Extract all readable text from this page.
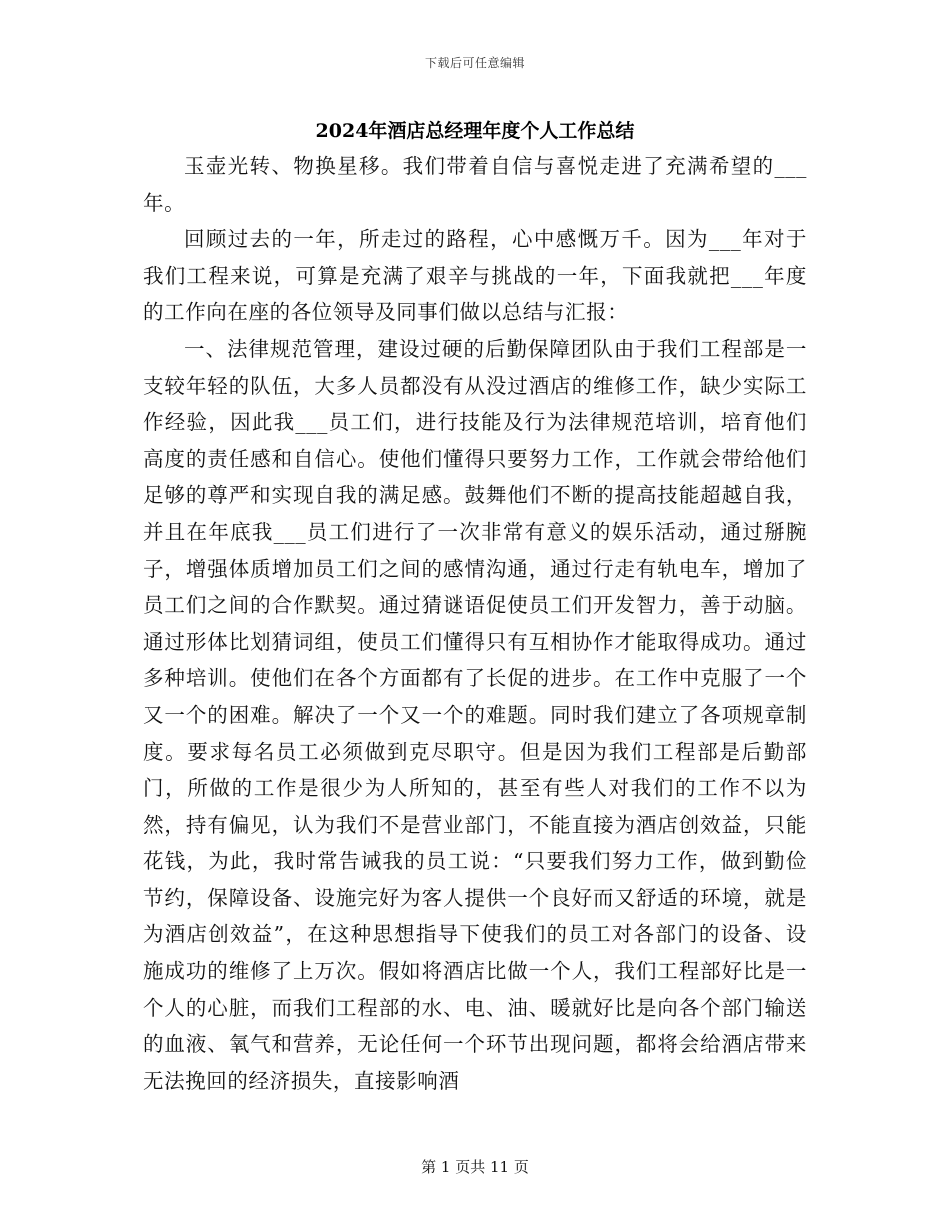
下载后可任意编辑
2024年酒店总经理年度个人工作总结

玉壶光转、物换星移。我们带着自信与喜悦走进了充满希望的___年。

回顾过去的一年，所走过的路程，心中感慨万千。因为___年对于我们工程来说，可算是充满了艰辛与挑战的一年，下面我就把___年度的工作向在座的各位领导及同事们做以总结与汇报：

一、法律规范管理，建设过硬的后勤保障团队由于我们工程部是一支较年轻的队伍，大多人员都没有从没过酒店的维修工作，缺少实际工作经验，因此我___员工们，进行技能及行为法律规范培训，培育他们高度的责任感和自信心。使他们懂得只要努力工作，工作就会带给他们足够的尊严和实现自我的满足感。鼓舞他们不断的提高技能超越自我，并且在年底我___员工们进行了一次非常有意义的娱乐活动，通过掰腕子，增强体质增加员工们之间的感情沟通，通过行走有轨电车，增加了员工们之间的合作默契。通过猜谜语促使员工们开发智力，善于动脑。通过形体比划猜词组，使员工们懂得只有互相协作才能取得成功。通过多种培训。使他们在各个方面都有了长促的进步。在工作中克服了一个又一个的困难。解决了一个又一个的难题。同时我们建立了各项规章制度。要求每名员工必须做到克尽职守。但是因为我们工程部是后勤部门，所做的工作是很少为人所知的，甚至有些人对我们的工作不以为然，持有偏见，认为我们不是营业部门，不能直接为酒店创效益，只能花钱，为此，我时常告诫我的员工说：“只要我们努力工作，做到勤俭节约，保障设备、设施完好为客人提供一个良好而又舒适的环境，就是为酒店创效益”，在这种思想指导下使我们的员工对各部门的设备、设施成功的维修了上万次。假如将酒店比做一个人，我们工程部好比是一个人的心脏，而我们工程部的水、电、油、暖就好比是向各个部门输送的血液、氧气和营养，无论任何一个环节出现问题，都将会给酒店带来无法挽回的经济损失，直接影响酒

第 1 页共 11 页
